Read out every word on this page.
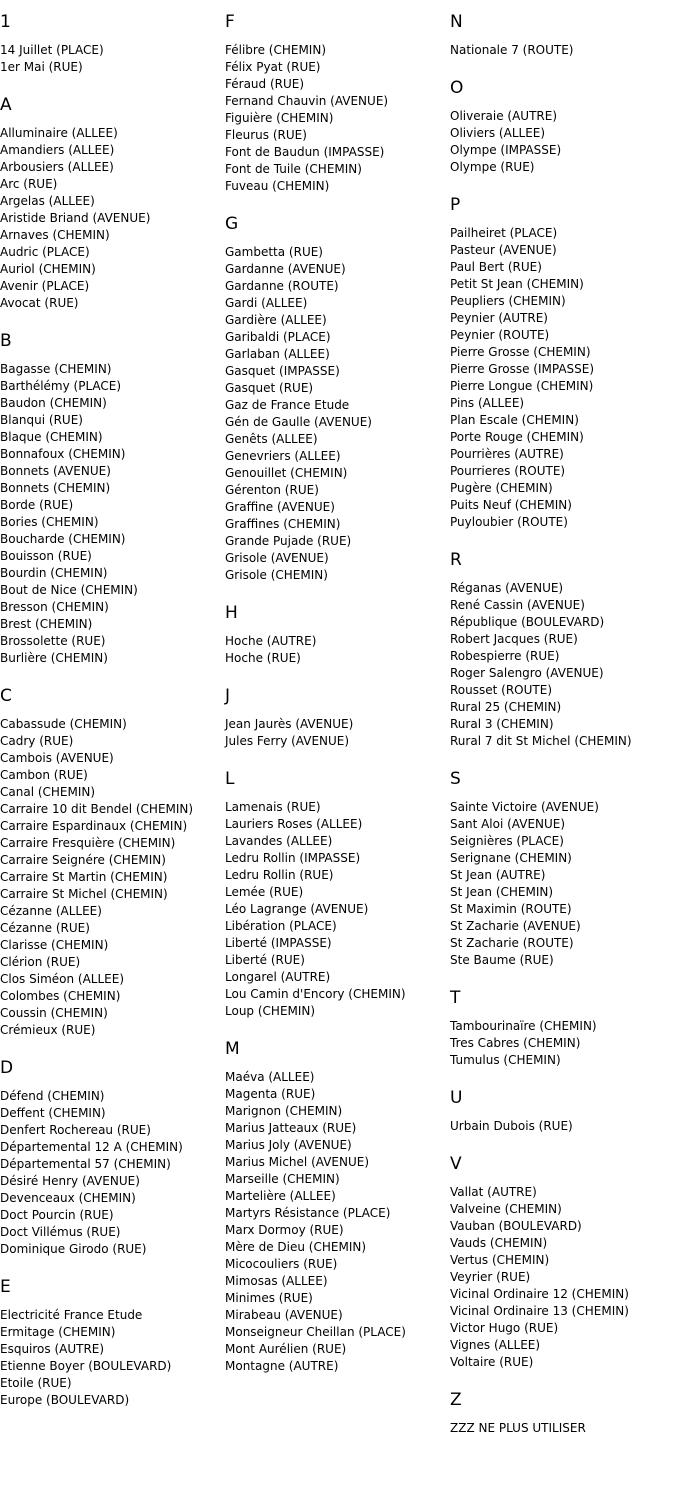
1
14 Juillet (PLACE)
1er Mai (RUE)
A
Alluminaire (ALLEE)
Amandiers (ALLEE)
Arbousiers (ALLEE)
Arc (RUE)
Argelas (ALLEE)
Aristide Briand (AVENUE)
Arnaves (CHEMIN)
Audric (PLACE)
Auriol (CHEMIN)
Avenir (PLACE)
Avocat (RUE)
B
Bagasse (CHEMIN)
Barthélémy (PLACE)
Baudon (CHEMIN)
Blanqui (RUE)
Blaque (CHEMIN)
Bonnafoux (CHEMIN)
Bonnets (AVENUE)
Bonnets (CHEMIN)
Borde (RUE)
Bories (CHEMIN)
Boucharde (CHEMIN)
Bouisson (RUE)
Bourdin (CHEMIN)
Bout de Nice (CHEMIN)
Bresson (CHEMIN)
Brest (CHEMIN)
Brossolette (RUE)
Burlière (CHEMIN)
C
Cabassude (CHEMIN)
Cadry (RUE)
Cambois (AVENUE)
Cambon (RUE)
Canal (CHEMIN)
Carraire 10 dit Bendel (CHEMIN)
Carraire Espardinaux (CHEMIN)
Carraire Fresquière (CHEMIN)
Carraire Seignére (CHEMIN)
Carraire St Martin (CHEMIN)
Carraire St Michel (CHEMIN)
Cézanne (ALLEE)
Cézanne (RUE)
Clarisse (CHEMIN)
Clérion (RUE)
Clos Siméon (ALLEE)
Colombes (CHEMIN)
Coussin (CHEMIN)
Crémieux (RUE)
D
Défend (CHEMIN)
Deffent (CHEMIN)
Denfert Rochereau (RUE)
Départemental 12 A (CHEMIN)
Départemental 57 (CHEMIN)
Désiré Henry (AVENUE)
Devenceaux (CHEMIN)
Doct Pourcin (RUE)
Doct Villémus (RUE)
Dominique Girodo (RUE)
E
Electricité France Etude
Ermitage (CHEMIN)
Esquiros (AUTRE)
Etienne Boyer (BOULEVARD)
Etoile (RUE)
Europe (BOULEVARD)
F
Félibre (CHEMIN)
Félix Pyat (RUE)
Féraud (RUE)
Fernand Chauvin (AVENUE)
Figuière (CHEMIN)
Fleurus (RUE)
Font de Baudun (IMPASSE)
Font de Tuile (CHEMIN)
Fuveau (CHEMIN)
G
Gambetta (RUE)
Gardanne (AVENUE)
Gardanne (ROUTE)
Gardi (ALLEE)
Gardière (ALLEE)
Garibaldi (PLACE)
Garlaban (ALLEE)
Gasquet (IMPASSE)
Gasquet (RUE)
Gaz de France Etude
Gén de Gaulle (AVENUE)
Genêts (ALLEE)
Genevriers (ALLEE)
Genouillet (CHEMIN)
Gérenton (RUE)
Graffine (AVENUE)
Graffines (CHEMIN)
Grande Pujade (RUE)
Grisole (AVENUE)
Grisole (CHEMIN)
H
Hoche (AUTRE)
Hoche (RUE)
J
Jean Jaurès (AVENUE)
Jules Ferry (AVENUE)
L
Lamenais (RUE)
Lauriers Roses (ALLEE)
Lavandes (ALLEE)
Ledru Rollin (IMPASSE)
Ledru Rollin (RUE)
Lemée (RUE)
Léo Lagrange (AVENUE)
Libération (PLACE)
Liberté (IMPASSE)
Liberté (RUE)
Longarel (AUTRE)
Lou Camin d'Encory (CHEMIN)
Loup (CHEMIN)
M
Maéva (ALLEE)
Magenta (RUE)
Marignon (CHEMIN)
Marius Jatteaux (RUE)
Marius Joly (AVENUE)
Marius Michel (AVENUE)
Marseille (CHEMIN)
Martelière (ALLEE)
Martyrs Résistance (PLACE)
Marx Dormoy (RUE)
Mère de Dieu (CHEMIN)
Micocouliers (RUE)
Mimosas (ALLEE)
Minimes (RUE)
Mirabeau (AVENUE)
Monseigneur Cheillan (PLACE)
Mont Aurélien (RUE)
Montagne (AUTRE)
N
Nationale 7 (ROUTE)
O
Oliveraie (AUTRE)
Oliviers (ALLEE)
Olympe (IMPASSE)
Olympe (RUE)
P
Pailheiret (PLACE)
Pasteur (AVENUE)
Paul Bert (RUE)
Petit St Jean (CHEMIN)
Peupliers (CHEMIN)
Peynier (AUTRE)
Peynier (ROUTE)
Pierre Grosse (CHEMIN)
Pierre Grosse (IMPASSE)
Pierre Longue (CHEMIN)
Pins (ALLEE)
Plan Escale (CHEMIN)
Porte Rouge (CHEMIN)
Pourrières (AUTRE)
Pourrieres (ROUTE)
Pugère (CHEMIN)
Puits Neuf (CHEMIN)
Puyloubier (ROUTE)
R
Réganas (AVENUE)
René Cassin (AVENUE)
République (BOULEVARD)
Robert Jacques (RUE)
Robespierre (RUE)
Roger Salengro (AVENUE)
Rousset (ROUTE)
Rural 25 (CHEMIN)
Rural 3 (CHEMIN)
Rural 7 dit St Michel (CHEMIN)
S
Sainte Victoire (AVENUE)
Sant Aloi (AVENUE)
Seignières (PLACE)
Serignane (CHEMIN)
St Jean (AUTRE)
St Jean (CHEMIN)
St Maximin (ROUTE)
St Zacharie (AVENUE)
St Zacharie (ROUTE)
Ste Baume (RUE)
T
Tambourinaïre (CHEMIN)
Tres Cabres (CHEMIN)
Tumulus (CHEMIN)
U
Urbain Dubois (RUE)
V
Vallat (AUTRE)
Valveine (CHEMIN)
Vauban (BOULEVARD)
Vauds (CHEMIN)
Vertus (CHEMIN)
Veyrier (RUE)
Vicinal Ordinaire 12 (CHEMIN)
Vicinal Ordinaire 13 (CHEMIN)
Victor Hugo (RUE)
Vignes (ALLEE)
Voltaire (RUE)
Z
ZZZ NE PLUS UTILISER
